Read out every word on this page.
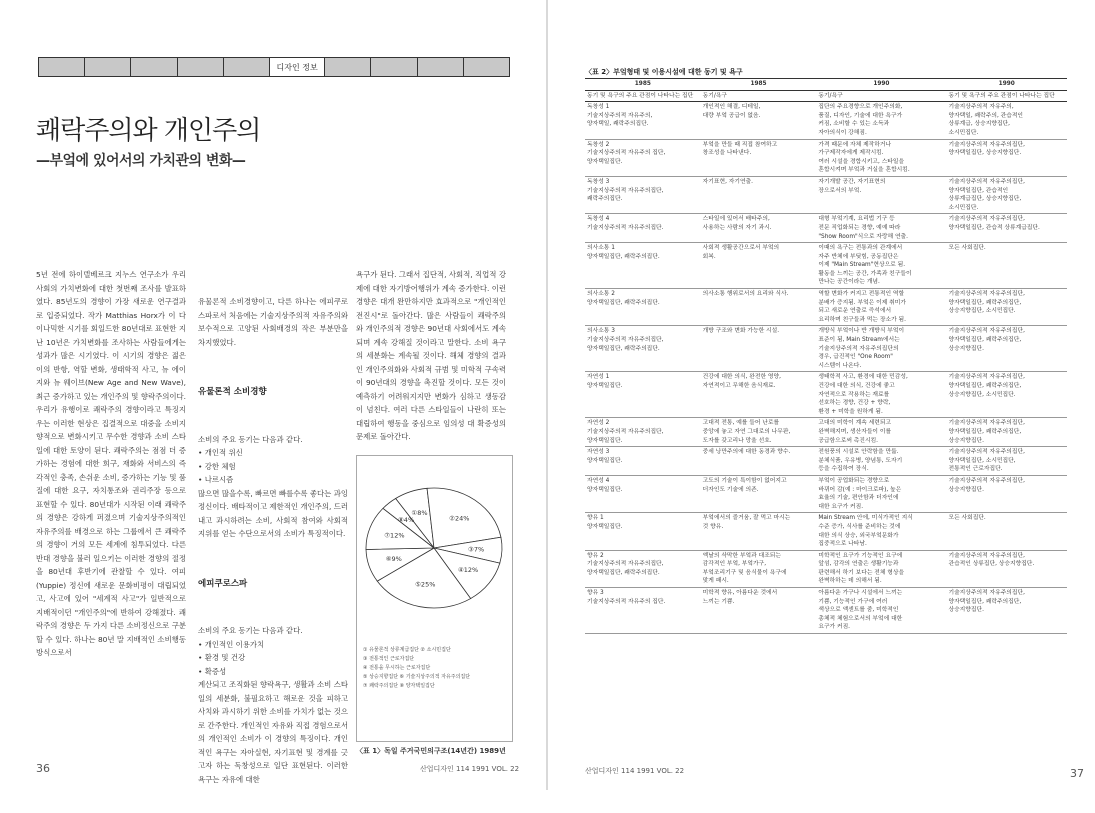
디자인 정보
쾌락주의와 개인주의
—부엌에 있어서의 가치관의 변화—
5년 전에 하이델베르크 지누스 연구소가 우리 사회의 가치변화에 대한 첫번째 조사를 발표하였다. 85년도의 경향이 가장 새로운 연구결과로 입증되었다. 작가 Matthias Horx가 이 다이나믹한 시기를 회일드한 80년대로 표현한 지난 10년은 가치변화를 조사하는 사람들에게는 성과가 많은 시기였다. 이 시기의 경향은 젊은이의 반항, 역할 변화, 생태학적 사고, 뉴 에이지와 뉴 웨이브(New Age and New Wave), 최근 증가하고 있는 개인주의 및 향락주의이다. 우리가 유행이로 쾌락주의 경향이라고 특징지우는 이러한 현상은 집결적으로 대중을 소비지향적으로 변화시키고 무수한 경향과 소비 스타일에 대한 토양이 된다. 쾌락주의는 점점 더 증가하는 경험에 대한 희구, 재화와 서비스의 즉각적인 충족, 손쉬운 소비, 증가하는 기능 및 품질에 대한 요구, 자치통조와 권리주장 등으로 표현할 수 있다. 80년대가 시작된 이래 쾌락주의 경향은 강하게 퍼졌으며 기술지상주의적인 자유주의를 배경으로 하는 그룹에서 큰 쾌락주의 경향이 거의 모든 세계에 침투되었다. 다른 반대 경향을 불러 일으키는 이러한 경향의 절정을 80년대 후반기에 관찰할 수 있다. 여피(Yuppie) 정신에 새로운 문화비평이 대립되었고, 사고에 있어 "세계적 사고"가 일반적으로 지배적이던 "개인주의"에 반하여 강해졌다. 쾌락주의 경향은 두 가지 다른 소비정신으로 구분할 수 있다. 하나는 80년 말 지배적인 소비행동방식으로서

유물론적 소비경향이고, 다른 하나는 에피쿠로스파로서 처음에는 기술지상주의적 자유주의와 보수적으로 고양된 사회배경의 작은 부분만을 차지했었다.

유물론적 소비경향

소비의 주요 동기는 다음과 같다.
• 개인적 위신
• 강한 체험
• 나르시즘
많으면 많을수록, 빠르면 빠를수록 좋다는 과잉정신이다. 배타적이고 제한적인 개인주의, 드러내고 과시하려는 소비, 사회적 참여와 사회적 지위를 얻는 수단으로서의 소비가 특징적이다.

에피쿠로스파

소비의 주요 동기는 다음과 같다.
• 개인적인 이용가치
• 환경 및 건강
• 확증성
계산되고 조직화된 향락욕구, 생활과 소비 스타일의 세분화, 불필요하고 해로운 것을 피하고 사치와 과시하기 위한 소비를 가치가 없는 것으로 간주한다. 개인적인 자유와 직접 경험으로서의 개인적인 소비가 이 경향의 특징이다. 개인적인 욕구는 자아실현, 자기표현 및 경계를 긋고자 하는 독창성으로 일단 표현된다. 이러한 욕구는 자유에 대한

욕구가 된다. 그래서 집단적, 사회적, 직업적 강제에 대한 자기방어행위가 계속 증가한다. 이런 경향은 대개 완만하지만 효과적으로 "개인적인 전진시"로 돌아간다. 많은 사람들이 쾌락주의와 개인주의적 경향은 90년대 사회에서도 계속되며 계속 강해질 것이라고 말한다. 소비 욕구의 세분화는 계속될 것이다. 해체 경향의 결과인 개인주의화와 사회적 규범 및 미학적 구속력이 90년대의 경향을 촉진할 것이다. 모든 것이 예측하기 어려워지지만 변화가 심하고 생동감이 넘친다. 여러 다른 스타일들이 나란히 또는 대립하여 행동을 중심으로 임의성 대 확증성의 문제로 돌아간다.
①8%
②24%
③7%
④12%
⑤25%
⑥9%
⑦12%
⑧4%
① 유물론적 상류계급집단 ② 소시민집단
③ 전통적인 근로자집단
④ 전통을 무시하는 근로자집단
⑤ 상승지향집단 ⑥ 기술지상주의적 자유주의집단
⑦ 쾌락주의집단 ⑧ 양자택일집단
〈표 1〉독일 주거국민의구조(14년간) 1989년
36	산업디자인 114 1991 VOL. 22
〈표 2〉부엌형태 및 이용시설에 대한 동기 및 욕구
1985	1985	1990	1990
동기 및 욕구의 주요 관점이 나타나는 집단	동기/욕구	동기/욕구	동기 및 욕구의 주요 관점이 나타나는 집단
독창성 1
기술지상주의적 자유주의,
양자택일, 쾌락주의집단.	개인적인 해결, 디테일,
대량 부엌 공급이 없음.	집단의 주요경향으로 개인주의화,
품질, 디자인, 기술에 대한 욕구가
커짐, 소비할 수 있는 소득과
자아의식이 강해짐.	기술지상주의적 자유주의,
양자택일, 쾌락주의, 관습적인
상류계급, 상승지향집단,
소시민집단.
독창성 2
기술지상주의적 자유주의 집단,
양자택일집단.	부엌을 만들 때 직접 참여하고
창조성을 나타낸다.	가격 때문에 자체 제작하거나
가구제작자에게 제작시킴.
여러 시설을 경합시키고, 스타일을
혼합시켜며 부엌과 거실을 혼합시킴.	기술지상주의적 자유주의집단,
양자택일집단, 상승지향집단.
독창성 3
기술지상주의적 자유주의집단,
쾌락주의집단.	자기표현, 자기연출.	자기개발 공간, 자기표현의
장으로서의 부엌.	기술지상주의적 자유주의집단,
양자택일집단, 관습적인
상류계급집단, 상승지향집단,
소시민집단.
독창성 4
기술지상주의적 자유주의집단.	스타일에 있어서 배타주의,
사용하는 사람의 자기 과시.	대형 부엌기계, 요리법 기구 등
전문 직업화되는 경향, 예예 따라
"Show Room"식으로 자랑해 연출.	기술지상주의적 자유주의집단,
양자택일집단, 관습적 상류계급집단.
의사소통 1
양자택일집단, 쾌락주의집단.	사회적 생활공간으로서 부엌의
회복.	이때의 욕구는 전통과의 관계에서
자주 반체에 부딪힘, 공동집단은
이제 "Main Stream"현상으로 됨.
활동을 느끼는 공간, 가족과 친구들이
만나는 공간이라는 개념.	모든 사회집단.
의사소통 2
양자택일집단, 쾌락주의집단.	의사소통 행위로서의 요리와 식사.	역할 변화가 커지고 전통적인 역할
분배가 증지됨. 부엌은 이제 취미가
되고 새로운 연출로 즉석에서
요리하며 친구들과 먹는 장소가 됨.	기술지상주의적 자유주의집단,
양자택일집단, 쾌락주의집단,
상승지향집단, 소시민집단.
의사소통 3
기술지상주의적 자유주의집단,
양자택일집단, 쾌락주의집단.	개방 구조와 변화 가능한 시설.	개방식 부엌이나 반 개방식 부엌이
표준이 됨, Main Stream에서는
기술지상주의적 자유주의집단의
경우, 급진적인 "One Room"
시스템이 나온다.	기술지상주의적 자유주의집단,
양자택일집단, 쾌락주의집단,
상승지향집단.
자연성 1
양자택일집단.	건강에 대한 의식, 완전한 영양,
자연적이고 무해한 음식재료.	생태학적 사고, 환경에 대한 민감성,
건강에 대한 의식, 건강에 좋고
자연적으로 작용하는 재료를
선호하는 경향, 건강 + 향락,
환경 + 미학을 원하게 됨.	기술지상주의적 자유주의집단,
양자택일집단, 쾌락주의집단,
상승지향집단, 소시민집단.
자연성 2
기술지상주의적 자유주의집단,
양자택일집단.	고대적 전통, 예를 들어 난로를
중앙에 놓고 자연 그대로의 나무판,
도자를 갖고리나 망울 선호.	고대의 미학이 계속 세련되고
완벽해지며, 생산자들이 이를
공급함으로써 촉진시킴.	기술지상주의적 자유주의집단,
양자택일집단, 쾌락주의집단,
상승지향집단.
자연성 3
양자택일집단.	중세 낭만주의에 대한 동경과 향수.	전원풍의 시설로 안락함을 만듦.
분체식품, 우유병, 양념통, 도자기
등을 수집하여 장식.	기술지상주의적 자유주의집단,
양자택일집단, 소시민집단,
전통적인 근로자집단.
자연성 4
양자택일집단.	고도의 기술이 특이함이 없어지고
더자인도 기술에 의존.	부엌이 공업화되는 경향으로
바뀌어 감(예 : 마이크로파), 높은
효율의 기술, 편안함과 더자인에
대한 요구가 커짐.	기술지상주의적 자유주의집단,
상승지향집단.
향유 1
양자택일집단.	부엌에서의 즐거움, 잘 먹고 마시는
것 향유.	Main Stream 안에, 미식가적인 지식
수준 증가, 식사를 준비하는 것에
대한 의식 상승, 외국부엌문화가
집중적으로 나타남.	모든 사회집단.
향유 2
기술지상주의적 자유주의집단,
양자택일집단, 쾌락주의집단.	엑날의 삭막한 부엌과 대조되는
감각적인 부엌, 부엌가구,
부엌조리기구 및 음식물이 욕구에
맞게 패시.	미학적인 요구가 기능적인 요구에
앞섬, 감각의 연출은 생활기능과
판련해서 하기 보다는 전체 형상을
완벽하하는 데 의해서 됨.	기술지상주의적 자유주의집단,
관습적인 상류집단, 상승지향집단.
향유 3
기술지상주의적 자유주의 집단.	미학적 향유, 아름다운 것에서
느끼는 기쁨.	아름다운 가구나 시설에서 느끼는
기쁨, 기능적인 가구에 여러
색상으로 액센트를 줌, 미학적인
총체적 체험으로서의 부엌에 대한
요구가 커짐.	기술지상주의적 자유주의집단,
양자택일집단, 쾌락주의집단,
상승지향집단.
37
산업디자인 114 1991 VOL. 22
